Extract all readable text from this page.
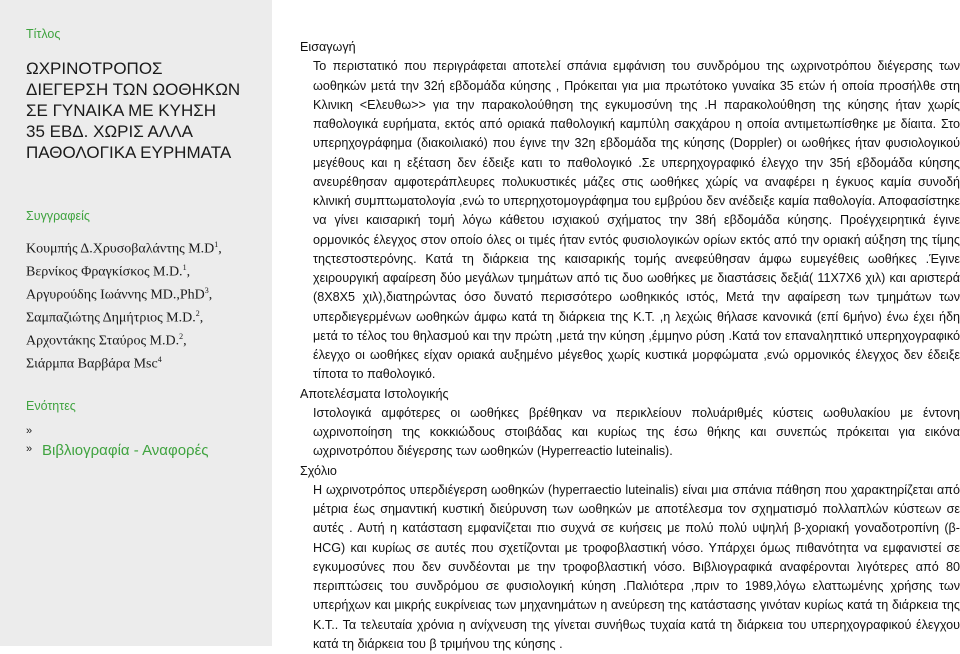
Τίτλος
ΩΧΡΙΝΟΤΡΟΠΟΣ
ΔΙΕΓΕΡΣΗ ΤΩΝ ΩΟΘΗΚΩΝ
ΣΕ ΓΥΝΑΙΚΑ ΜΕ ΚΥΗΣΗ
35 ΕΒΔ. ΧΩΡΙΣ ΑΛΛΑ
ΠΑΘΟΛΟΓΙΚΑ ΕΥΡΗΜΑΤΑ
Συγγραφείς
Κουμπής Δ.Χρυσοβαλάντης $M.D^1$,
Βερνίκος Φραγκίσκος M.D.$^1$,
Αργυρούδης Ιωάννης MD.,PhD$^3$,
Σαμπαζιώτης Δημήτριος M.D.$^2$,
Αρχοντάκης Σταύρος M.D.$^2$,
Σιάρμπα Βαρβάρα Msc$^4$
Ενότητες
»
» Βιβλιογραφία - Αναφορές

Εισαγωγή

Το περιστατικό που περιγράφεται αποτελεί σπάνια εμφάνιση του συνδρόμου της ωχρινοτρόπου διέγερσης των ωοθηκών μετά την 32ή εβδομάδα κύησης , Πρόκειται για μια πρωτότοκο γυναίκα 35 ετών ή οποία προσήλθε στη Κλινικη <Ελευθω>> για την παρακολούθηση της εγκυμοσύνη της .Η παρακολούθηση της κύησης ήταν χωρίς παθολογικά ευρήματα, εκτός από οριακά παθολογική καμπύλη σακχάρου η οποία αντιμετωπίσθηκε με δίαιτα. Στο υπερηχογράφημα (διακοιλιακό) που έγινε την 32η εβδομάδα της κύησης (Doppler) οι ωοθήκες ήταν φυσιολογικού μεγέθους και η εξέταση δεν έδειξε κατι το παθολογικό .Σε υπερηχογραφικό έλεγχο την 35ή εβδομάδα κύησης ανευρέθησαν αμφοτεράπλευρες πολυκυστικές μάζες στις ωοθήκες χώρίς να αναφέρει η έγκυος καμία συνοδή κλινική συμπτωματολογία ,ενώ το υπερηχοτομογράφημα του εμβρύου δεν ανέδειξε καμία παθολογία. Αποφασίστηκε να γίνει καισαρική τομή λόγω κάθετου ισχιακού σχήματος την 38ή εβδομάδα κύησης. Προέγχειρητικά έγινε ορμονικός έλεγχος στον οποίο όλες οι τιμές ήταν εντός φυσιολογικών ορίων εκτός από την οριακή αύξηση της τίμης τηςτεστοστερόνης. Κατά τη διάρκεια της καισαρικής τομής ανεφεύθησαν άμφω ευμεγέθεις ωοθήκες .Έγινε χειρουργική αφαίρεση δύο μεγάλων τμημάτων από τις δυο ωοθήκες με διαστάσεις δεξιά( 11Χ7Χ6 χιλ) και αριστερά (8Χ8Χ5 χιλ),διατηρώντας όσο δυνατό περισσότερο ωοθηκικός ιστός, Μετά την αφαίρεση των τμημάτων των υπερδιεγερμένων ωοθηκών άμφω κατά τη διάρκεια της Κ.Τ. ,η λεχώις θήλασε κανονικά (επί 6μήνο) ένω έχει ήδη μετά το τέλος του θηλασμού και την πρώτη ,μετά την κύηση ,έμμηνο ρύση .Κατά τον επαναληπτικό υπερηχογραφικό έλεγχο οι ωοθήκες είχαν οριακά αυξημένο μέγεθος χωρίς κυστικά μορφώματα ,ενώ ορμονικός έλεγχος δεν έδειξε τίποτα το παθολογικό.

Αποτελέσματα Ιστολογικής

Ιστολογικά αμφότερες οι ωοθήκες βρέθηκαν να περικλείουν πολυάριθμές κύστεις ωοθυλακίου με έντονη ωχρινοποίηση της κοκκιώδους στοιβάδας και κυρίως της έσω θήκης και συνεπώς πρόκειται για εικόνα ωχρινοτρόπου διέγερσης των ωοθηκών (Hyperreactio luteinalis).

Σχόλιο

Η ωχρινοτρόπος υπερδιέγερση ωοθηκών (hyperraectio luteinalis) είναι μια σπάνια πάθηση που χαρακτηρίζεται από μέτρια έως σημαντική κυστική διεύρυνση των ωοθηκών με αποτέλεσμα τον σχηματισμό πολλαπλών κύστεων σε αυτές . Αυτή η κατάσταση εμφανίζεται πιο συχνά σε κυήσεις με πολύ πολύ υψηλή β-χοριακή γοναδοτροπίνη (β-HCG) και κυρίως σε αυτές που σχετίζονται με τροφοβλαστική νόσο. Υπάρχει όμως πιθανότητα να εμφανιστεί σε εγκυμοσύνες που δεν συνδέονται με την τροφοβλαστική νόσο. Βιβλιογραφικά αναφέρονται λιγότερες από 80 περιπτώσεις του συνδρόμου σε φυσιολογική κύηση .Παλιότερα ,πριν το 1989,λόγω ελαττωμένης χρήσης των υπερήχων και μικρής ευκρίνειας των μηχανημάτων η ανεύρεση της κατάστασης γινόταν κυρίως κατά τη διάρκεια της Κ.Τ.. Τα τελευταία χρόνια η ανίχνευση της γίνεται συνήθως τυχαία κατά τη διάρκεια του υπερηχογραφικού έλεγχου κατά τη διάρκεια του β τριμήνου της κύησης .
